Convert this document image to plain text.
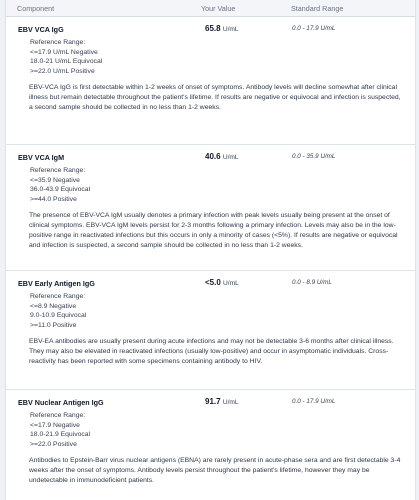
Component	Your Value	Standard Range
EBV VCA IgG	65.8 U/mL	0.0 - 17.9 U/mL
Reference Range:
<=17.9 U/mL Negative
18.0-21 U/mL Equivocal
>=22.0 U/mL Positive
EBV-VCA IgG is first detectable within 1-2 weeks of onset of symptoms. Antibody levels will decline somewhat after clinical illness but remain detectable throughout the patient's lifetime. If results are negative or equivocal and infection is suspected, a second sample should be collected in no less than 1-2 weeks.
EBV VCA IgM	40.6 U/mL	0.0 - 35.9 U/mL
Reference Range:
<=35.9 Negative
36.0-43.9 Equivocal
>=44.0 Positive
The presence of EBV-VCA IgM usually denotes a primary infection with peak levels usually being present at the onset of clinical symptoms. EBV-VCA IgM levels persist for 2-3 months following a primary infection. Levels may also be in the low-positive range in reactivated infections but this occurs in only a minority of cases (<5%). If results are negative or equivocal and infection is suspected, a second sample should be collected in no less than 1-2 weeks.
EBV Early Antigen IgG	<5.0 U/mL	0.0 - 8.9 U/mL
Reference Range:
<=8.9 Negative
9.0-10.9 Equivocal
>=11.0 Positive
EBV-EA antibodies are usually present during acute infections and may not be detectable 3-6 months after clinical illness. They may also be elevated in reactivated infections (usually low-positive) and occur in asymptomatic individuals. Cross-reactivity has been reported with some specimens containing antibody to HIV.
EBV Nuclear Antigen IgG	91.7 U/mL	0.0 - 17.9 U/mL
Reference Range:
<=17.9 Negative
18.0-21.9 Equivocal
>=22.0 Positive
Antibodies to Epstein-Barr virus nuclear antigens (EBNA) are rarely present in acute-phase sera and are first detectable 3-4 weeks after the onset of symptoms. Antibody levels persist throughout the patient's lifetime, however they may be undetectable in immunodeficient patients.
